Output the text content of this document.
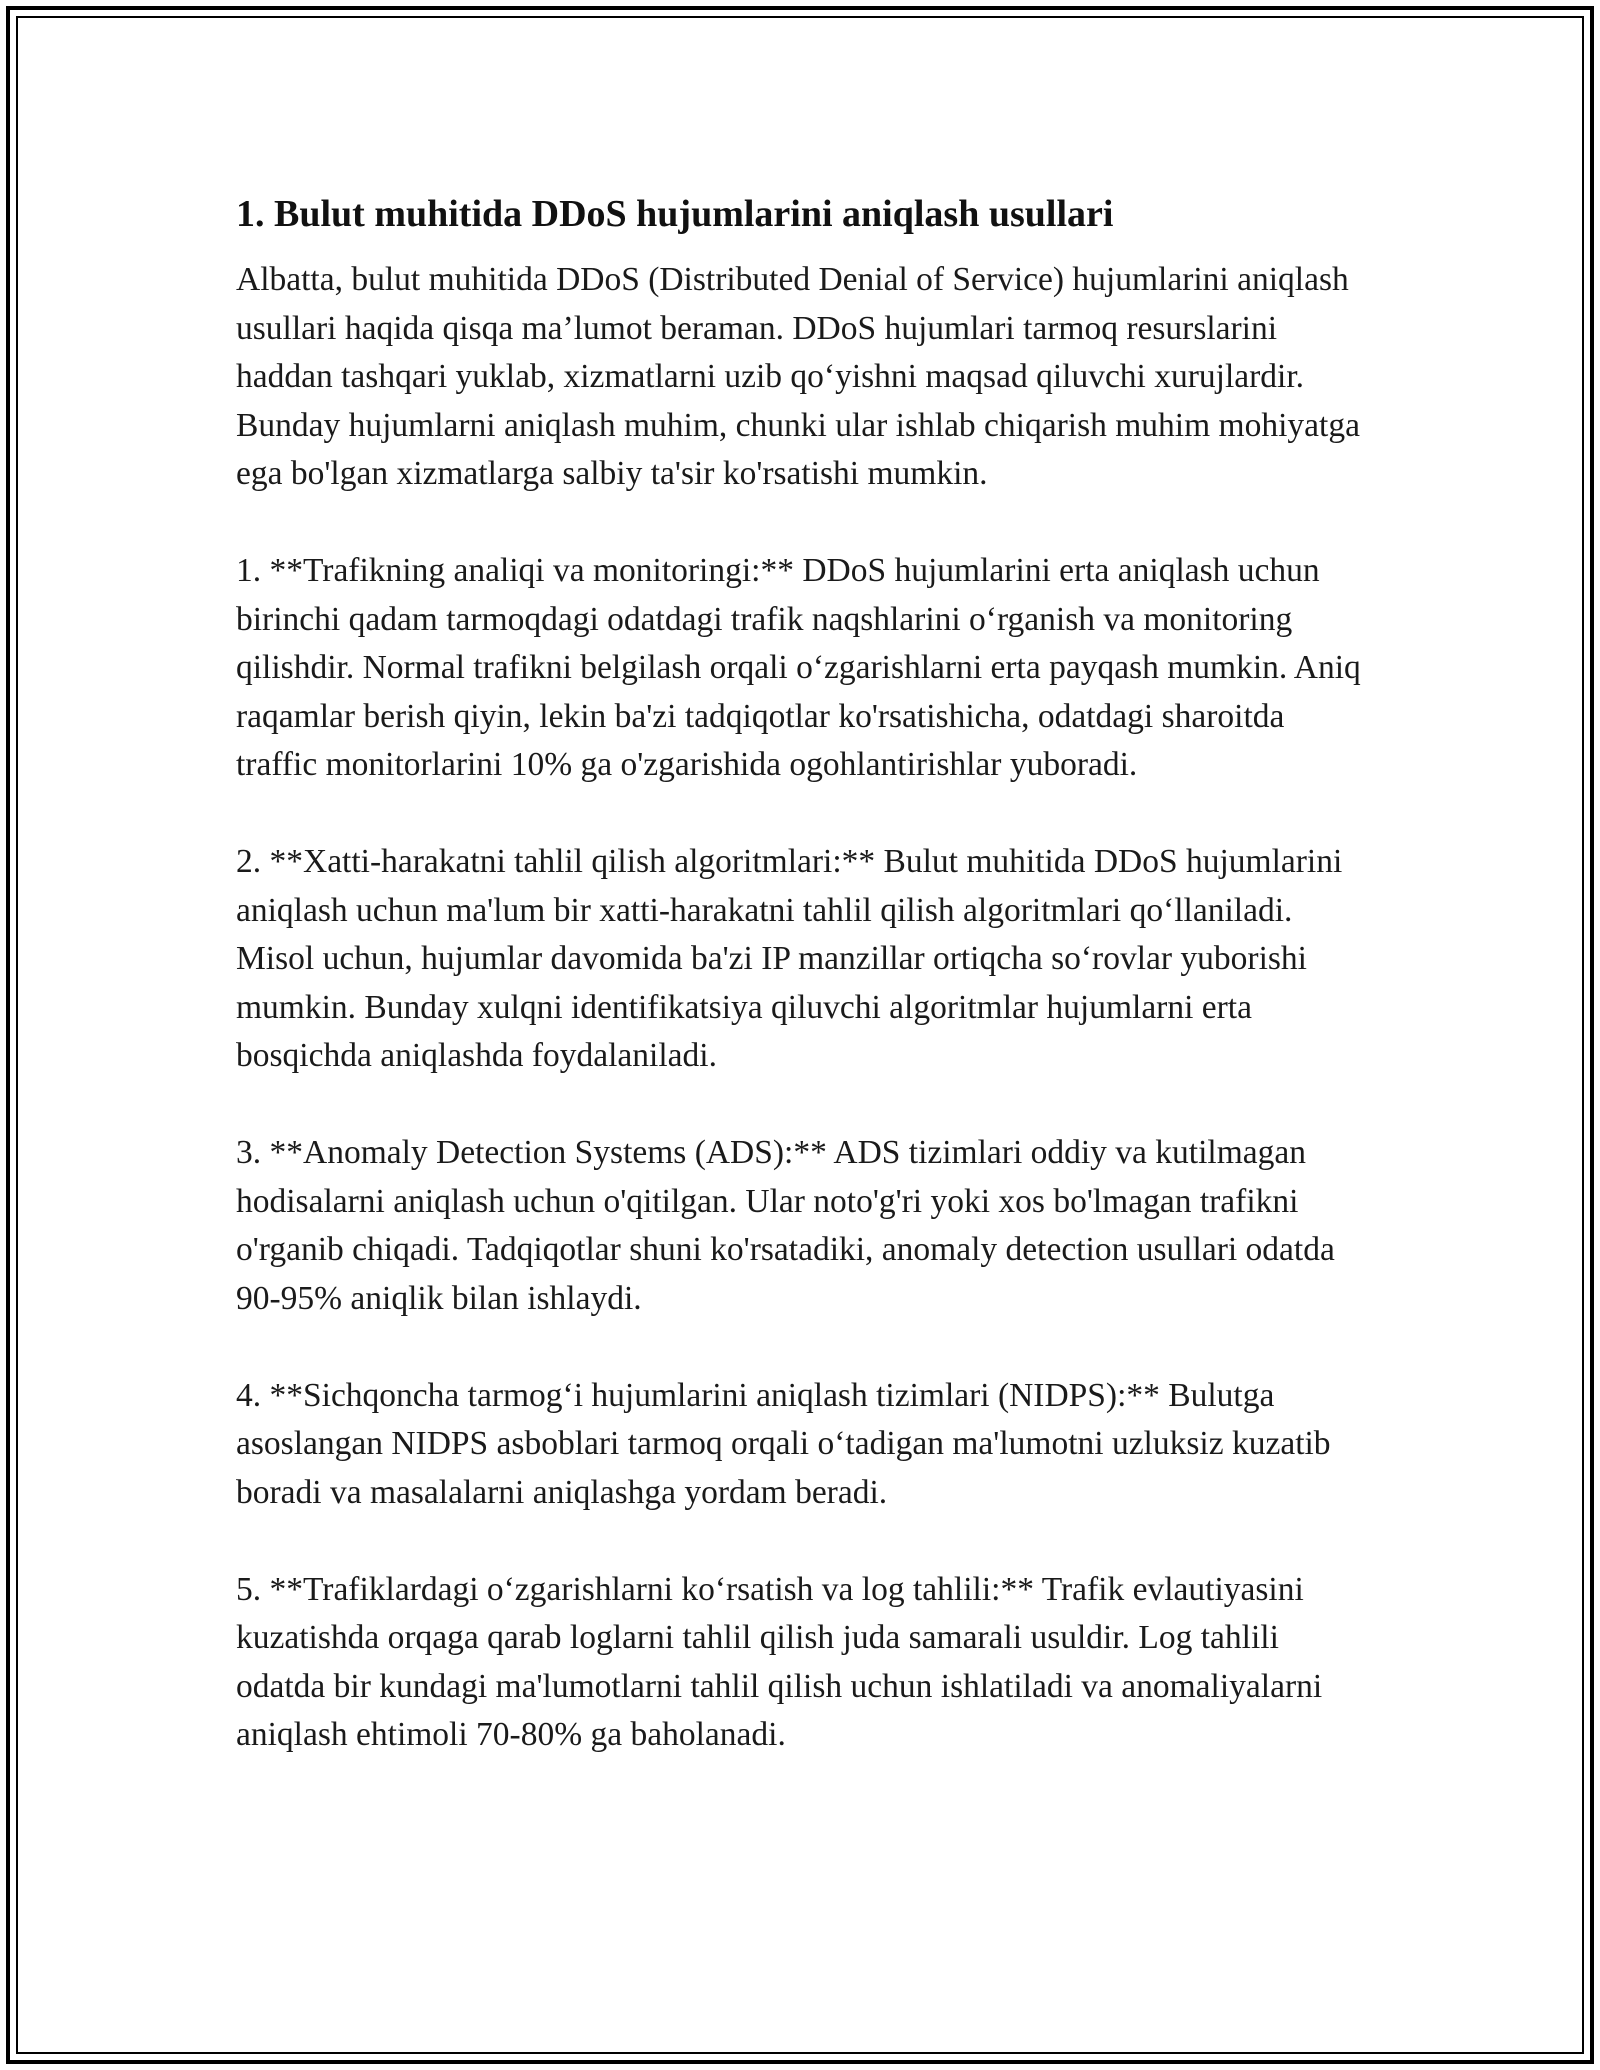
1. Bulut muhitida DDoS hujumlarini aniqlash usullari

Albatta, bulut muhitida DDoS (Distributed Denial of Service) hujumlarini aniqlash usullari haqida qisqa ma’lumot beraman. DDoS hujumlari tarmoq resurslarini haddan tashqari yuklab, xizmatlarni uzib qo‘yishni maqsad qiluvchi xurujlardir. Bunday hujumlarni aniqlash muhim, chunki ular ishlab chiqarish muhim mohiyatga ega bo'lgan xizmatlarga salbiy ta'sir ko'rsatishi mumkin.

1. **Trafikning analiqi va monitoringi:** DDoS hujumlarini erta aniqlash uchun birinchi qadam tarmoqdagi odatdagi trafik naqshlarini o‘rganish va monitoring qilishdir. Normal trafikni belgilash orqali o‘zgarishlarni erta payqash mumkin. Aniq raqamlar berish qiyin, lekin ba'zi tadqiqotlar ko'rsatishicha, odatdagi sharoitda traffic monitorlarini 10% ga o'zgarishida ogohlantirishlar yuboradi.

2. **Xatti-harakatni tahlil qilish algoritmlari:** Bulut muhitida DDoS hujumlarini aniqlash uchun ma'lum bir xatti-harakatni tahlil qilish algoritmlari qo‘llaniladi. Misol uchun, hujumlar davomida ba'zi IP manzillar ortiqcha so‘rovlar yuborishi mumkin. Bunday xulqni identifikatsiya qiluvchi algoritmlar hujumlarni erta bosqichda aniqlashda foydalaniladi.

3. **Anomaly Detection Systems (ADS):** ADS tizimlari oddiy va kutilmagan hodisalarni aniqlash uchun o'qitilgan. Ular noto'g'ri yoki xos bo'lmagan trafikni o'rganib chiqadi. Tadqiqotlar shuni ko'rsatadiki, anomaly detection usullari odatda 90-95% aniqlik bilan ishlaydi.

4. **Sichqoncha tarmog‘i hujumlarini aniqlash tizimlari (NIDPS):** Bulutga asoslangan NIDPS asboblari tarmoq orqali o‘tadigan ma'lumotni uzluksiz kuzatib boradi va masalalarni aniqlashga yordam beradi.

5. **Trafiklardagi o‘zgarishlarni ko‘rsatish va log tahlili:** Trafik evlautiyasini kuzatishda orqaga qarab loglarni tahlil qilish juda samarali usuldir. Log tahlili odatda bir kundagi ma'lumotlarni tahlil qilish uchun ishlatiladi va anomaliyalarni aniqlash ehtimoli 70-80% ga baholanadi.
